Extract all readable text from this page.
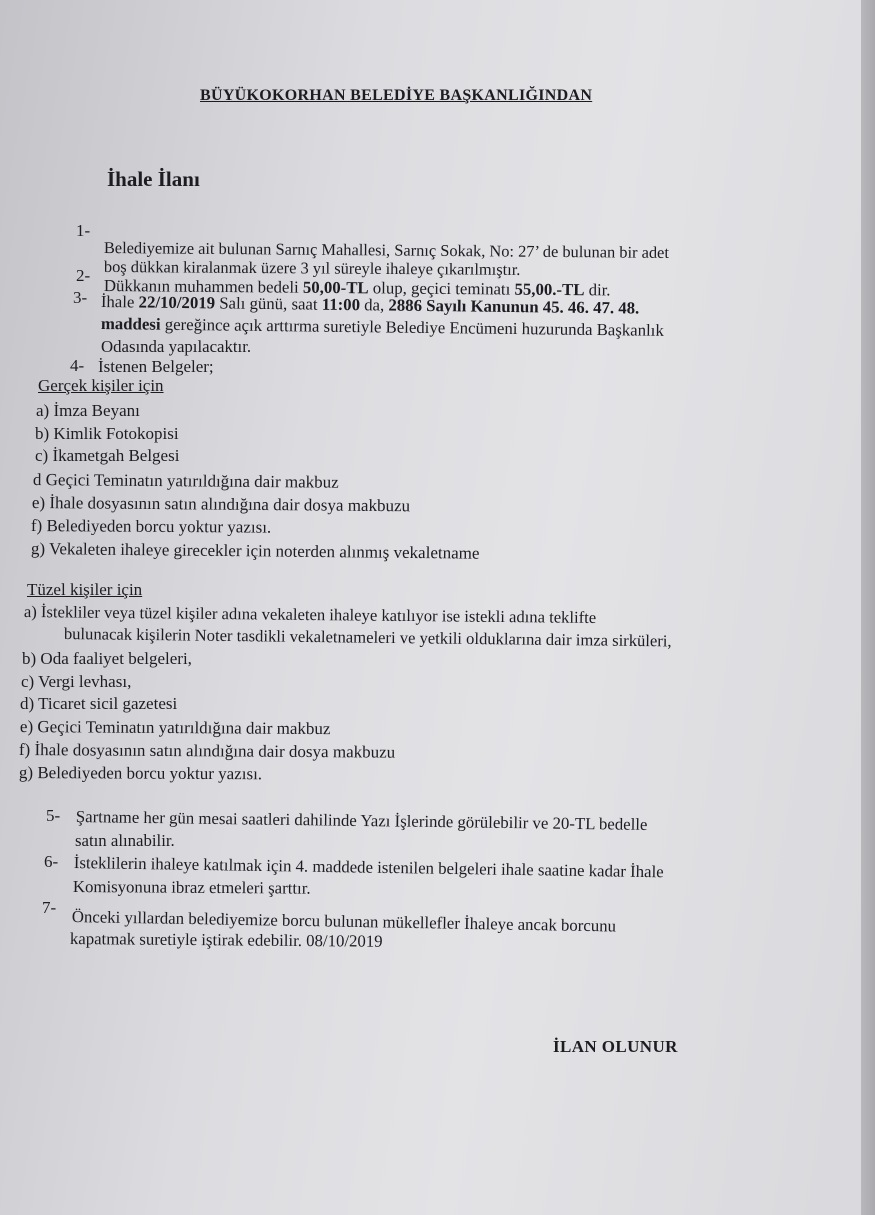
BÜYÜKOKORHAN BELEDİYE BAŞKANLIĞINDAN
İhale İlanı
1-
Belediyemize ait bulunan Sarnıç Mahallesi, Sarnıç Sokak, No: 27’ de bulunan bir adet
boş dükkan kiralanmak üzere 3 yıl süreyle ihaleye çıkarılmıştır.
2-
Dükkanın muhammen bedeli 50,00-TL olup, geçici teminatı 55,00.-TL dir.
3- İhale 22/10/2019 Salı günü, saat 11:00 da, 2886 Sayılı Kanunun 45. 46. 47. 48.
maddesi gereğince açık arttırma suretiyle Belediye Encümeni huzurunda Başkanlık
Odasında yapılacaktır.
4- İstenen Belgeler;
Gerçek kişiler için
a) İmza Beyanı
b) Kimlik Fotokopisi
c) İkametgah Belgesi
d Geçici Teminatın yatırıldığına dair makbuz
e) İhale dosyasının satın alındığına dair dosya makbuzu
f) Belediyeden borcu yoktur yazısı.
g) Vekaleten ihaleye girecekler için noterden alınmış vekaletname
Tüzel kişiler için
a) İstekliler veya tüzel kişiler adına vekaleten ihaleye katılıyor ise istekli adına teklifte
bulunacak kişilerin Noter tasdikli vekaletnameleri ve yetkili olduklarına dair imza sirküleri,
b) Oda faaliyet belgeleri,
c) Vergi levhası,
d) Ticaret sicil gazetesi
e) Geçici Teminatın yatırıldığına dair makbuz
f) İhale dosyasının satın alındığına dair dosya makbuzu
g) Belediyeden borcu yoktur yazısı.
5- Şartname her gün mesai saatleri dahilinde Yazı İşlerinde görülebilir ve 20-TL bedelle
satın alınabilir.
6- İsteklilerin ihaleye katılmak için 4. maddede istenilen belgeleri ihale saatine kadar İhale
Komisyonuna ibraz etmeleri şarttır.
7- Önceki yıllardan belediyemize borcu bulunan mükellefler İhaleye ancak borcunu
kapatmak suretiyle iştirak edebilir. 08/10/2019
İLAN OLUNUR
